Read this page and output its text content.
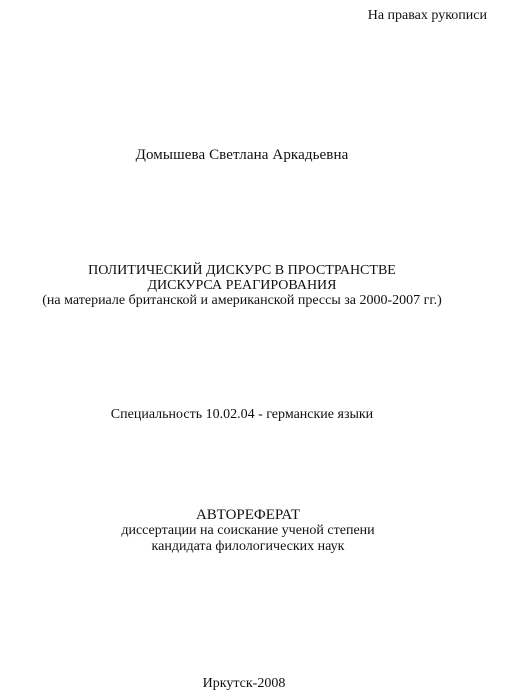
На правах рукописи
Домышева Светлана Аркадьевна
ПОЛИТИЧЕСКИЙ ДИСКУРС В ПРОСТРАНСТВЕ
ДИСКУРСА РЕАГИРОВАНИЯ
(на материале британской и американской прессы за 2000-2007 гг.)
Специальность 10.02.04 - германские языки
АВТОРЕФЕРАТ
диссертации на соискание ученой степени
кандидата филологических наук
Иркутск-2008
